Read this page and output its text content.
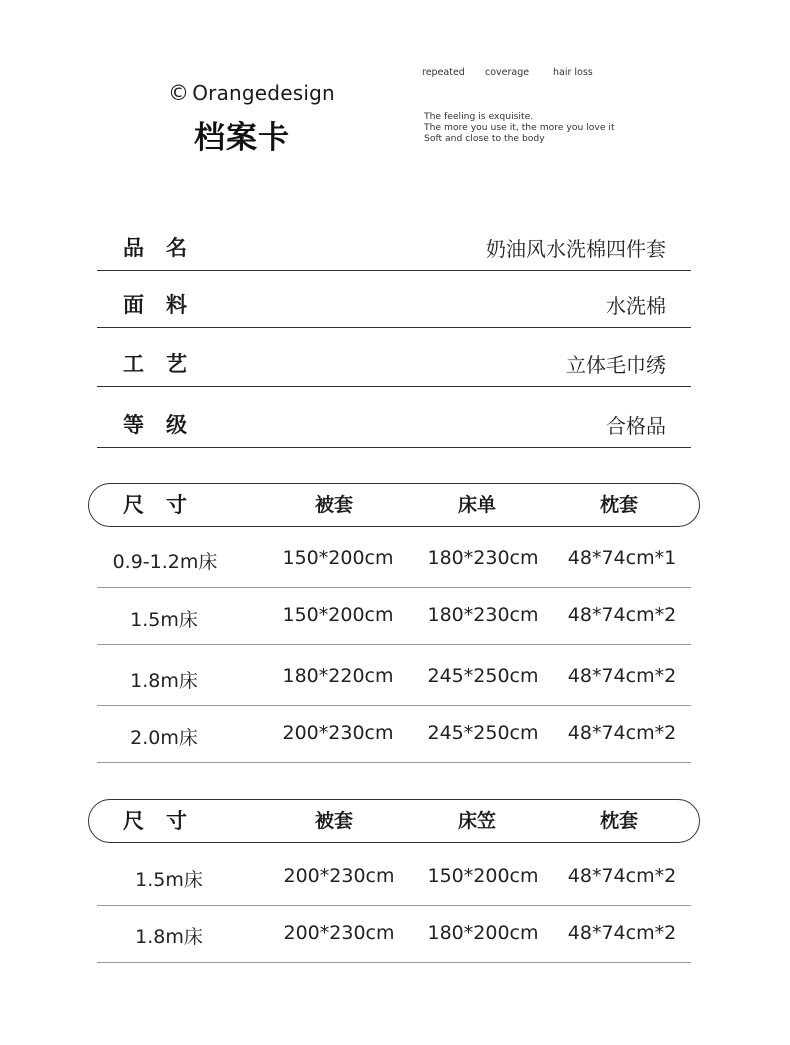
© Orangedesign
档案卡
repeated coverage	hair loss
The feeling is exquisite.
The more you use it, the more you love it
Soft and close to the body
品名	奶油风水洗棉四件套
面料	水洗棉
工艺	立体毛巾绣
等级	合格品
尺寸	被套	床单	枕套
0.9-1.2m床	150*200cm 180*230cm 48*74cm*1
1.5m床	150*200cm 180*230cm 48*74cm*2
1.8m床	180*220cm 245*250cm 48*74cm*2
2.0m床	200*230cm 245*250cm 48*74cm*2
尺寸	被套	床笠	枕套
1.5m床	200*230cm 150*200cm 48*74cm*2
1.8m床	200*230cm 180*200cm 48*74cm*2
